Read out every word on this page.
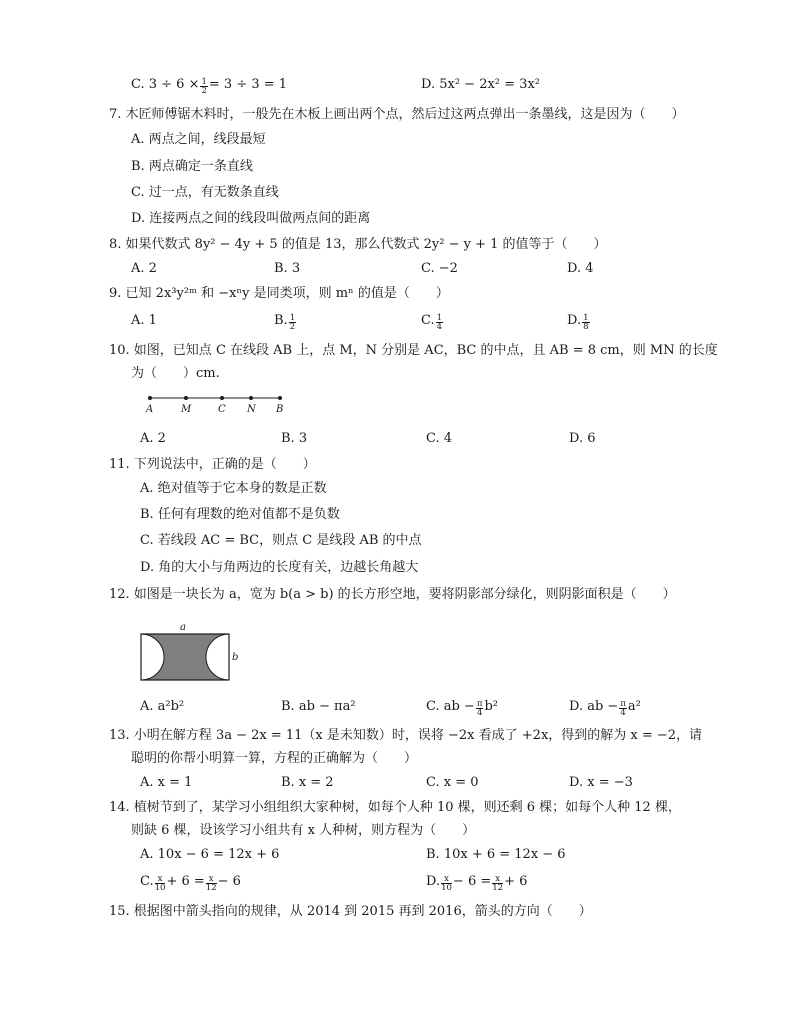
C. $3 \div 6 \times \frac{1}{2} = 3 \div 3 = 1$	D. 5x² − 2x² = 3x²
7. 木匠师傅锯木料时，一般先在木板上画出两个点，然后过这两点弹出一条墨线，这是因为（　　）
A. 两点之间，线段最短
B. 两点确定一条直线
C. 过一点，有无数条直线
D. 连接两点之间的线段叫做两点间的距离
8. 如果代数式 8y² − 4y + 5 的值是 13，那么代数式 2y² − y + 1 的值等于（　　）
A. 2	B. 3	C. −2	D. 4
9. 已知 2x³y²ᵐ 和 −xⁿy 是同类项，则 mⁿ 的值是（　　）
A. 1	B. $\frac{1}{2}$	C. $\frac{1}{4}$	D. $\frac{1}{8}$
10. 如图，已知点 C 在线段 AB 上，点 M，N 分别是 AC，BC 的中点，且 AB = 8 cm，则 MN 的长度
为（　　）cm.
A	M	C N B
A. 2	B. 3	C. 4	D. 6
11. 下列说法中，正确的是（　　）
A. 绝对值等于它本身的数是正数
B. 任何有理数的绝对值都不是负数
C. 若线段 AC = BC，则点 C 是线段 AB 的中点
D. 角的大小与角两边的长度有关，边越长角越大
12. 如图是一块长为 a，宽为 b(a > b) 的长方形空地，要将阴影部分绿化，则阴影面积是（　　）
a
b
A. a²b²	B. ab − πa²	C. ab − $\frac{\pi}{4} b^2$	D. ab − $\frac{\pi}{4} a^2$
13. 小明在解方程 3a − 2x = 11（x 是未知数）时，误将 −2x 看成了 +2x，得到的解为 x = −2，请
聪明的你帮小明算一算，方程的正确解为（　　）
A. x = 1	B. x = 2	C. x = 0	D. x = −3
14. 植树节到了，某学习小组组织大家种树，如每个人种 10 棵，则还剩 6 棵；如每个人种 12 棵，
则缺 6 棵，设该学习小组共有 x 人种树，则方程为（　　）
A. 10x − 6 = 12x + 6	B. 10x + 6 = 12x − 6
C. $\frac{x}{10} + 6 = \frac{x}{12} - 6$	D. $\frac{x}{10} - 6 = \frac{x}{12} + 6$
15. 根据图中箭头指向的规律，从 2014 到 2015 再到 2016，箭头的方向（　　）
